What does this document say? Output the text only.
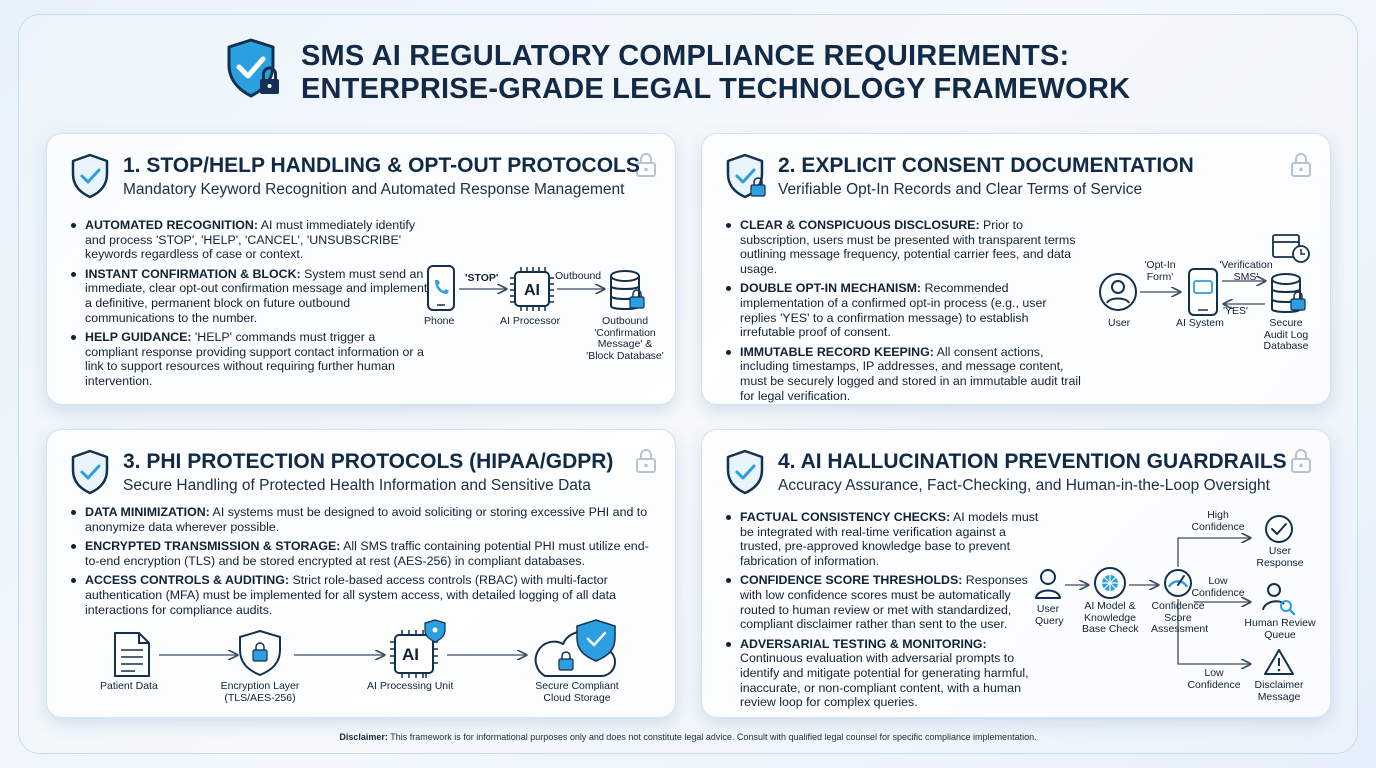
SMS AI REGULATORY COMPLIANCE REQUIREMENTS:
ENTERPRISE-GRADE LEGAL TECHNOLOGY FRAMEWORK
1. STOP/HELP HANDLING & OPT-OUT PROTOCOLS
Mandatory Keyword Recognition and Automated Response Management
AUTOMATED RECOGNITION: AI must immediately identify and process 'STOP', 'HELP', 'CANCEL', 'UNSUBSCRIBE' keywords regardless of case or context.
INSTANT CONFIRMATION & BLOCK: System must send an immediate, clear opt-out confirmation message and implement a definitive, permanent block on future outbound communications to the number.
HELP GUIDANCE: 'HELP' commands must trigger a compliant response providing support contact information or a link to support resources without requiring further human intervention.
Phone
'STOP'
AI
AI Processor
Outbound
Outbound
'Confirmation
Message' &
'Block Database'
2. EXPLICIT CONSENT DOCUMENTATION
Verifiable Opt-In Records and Clear Terms of Service
CLEAR & CONSPICUOUS DISCLOSURE: Prior to subscription, users must be presented with transparent terms outlining message frequency, potential carrier fees, and data usage.
DOUBLE OPT-IN MECHANISM: Recommended implementation of a confirmed opt-in process (e.g., user replies 'YES' to a confirmation message) to establish irrefutable proof of consent.
IMMUTABLE RECORD KEEPING: All consent actions, including timestamps, IP addresses, and message content, must be securely logged and stored in an immutable audit trail for legal verification.
User
'Opt-In
Form'
AI System
'Verification
SMS'
'YES'
Secure
Audit Log
Database
3. PHI PROTECTION PROTOCOLS (HIPAA/GDPR)
Secure Handling of Protected Health Information and Sensitive Data
DATA MINIMIZATION: AI systems must be designed to avoid soliciting or storing excessive PHI and to anonymize data wherever possible.
ENCRYPTED TRANSMISSION & STORAGE: All SMS traffic containing potential PHI must utilize end-to-end encryption (TLS) and be stored encrypted at rest (AES-256) in compliant databases.
ACCESS CONTROLS & AUDITING: Strict role-based access controls (RBAC) with multi-factor authentication (MFA) must be implemented for all system access, with detailed logging of all data interactions for compliance audits.
Patient Data	Encryption Layer
(TLS/AES-256)
AI
AI Processing Unit	Secure Compliant
Cloud Storage
4. AI HALLUCINATION PREVENTION GUARDRAILS
Accuracy Assurance, Fact-Checking, and Human-in-the-Loop Oversight
FACTUAL CONSISTENCY CHECKS: AI models must be integrated with real-time verification against a trusted, pre-approved knowledge base to prevent fabrication of information.
CONFIDENCE SCORE THRESHOLDS: Responses with low confidence scores must be automatically routed to human review or met with standardized, compliant disclaimer rather than sent to the user.
ADVERSARIAL TESTING & MONITORING: Continuous evaluation with adversarial prompts to identify and mitigate potential for generating harmful, inaccurate, or non-compliant content, with a human review loop for complex queries.
User
Query
AI Model &
Knowledge
Base Check
Confidence
Score
Assessment
High
Confidence
Low
Confidence
Low
Confidence
User
Response
Human Review
Queue
Disclaimer
Message
Disclaimer: This framework is for informational purposes only and does not constitute legal advice. Consult with qualified legal counsel for specific compliance implementation.
